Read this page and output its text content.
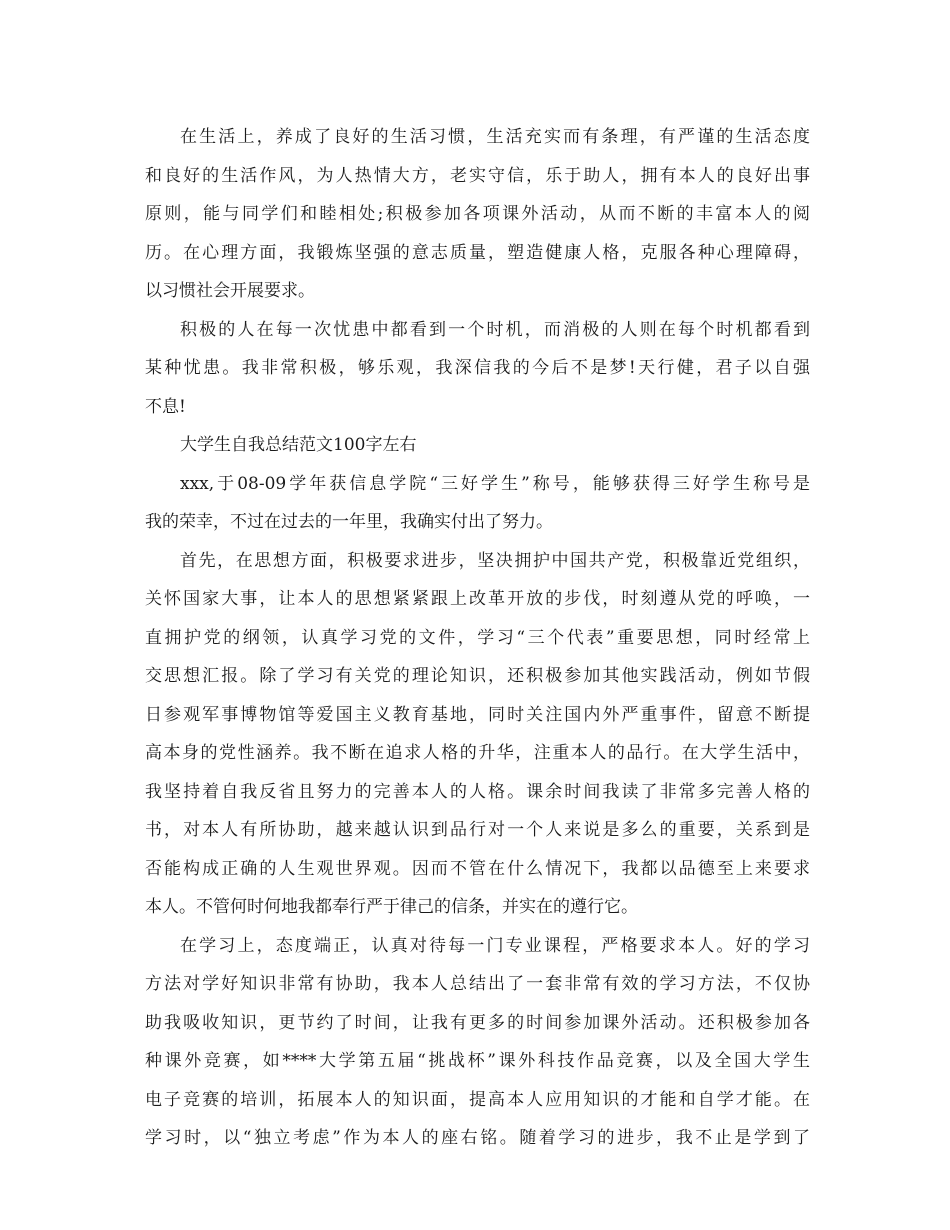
在生活上，养成了良好的生活习惯，生活充实而有条理，有严谨的生活态度
和良好的生活作风，为人热情大方，老实守信，乐于助人，拥有本人的良好出事
原则，能与同学们和睦相处;积极参加各项课外活动，从而不断的丰富本人的阅
历。在心理方面，我锻炼坚强的意志质量，塑造健康人格，克服各种心理障碍，
以习惯社会开展要求。
积极的人在每一次忧患中都看到一个时机，而消极的人则在每个时机都看到
某种忧患。我非常积极，够乐观，我深信我的今后不是梦!天行健，君子以自强
不息!
大学生自我总结范文100字左右
xxx,于08-09学年获信息学院“三好学生”称号，能够获得三好学生称号是
我的荣幸，不过在过去的一年里，我确实付出了努力。
首先，在思想方面，积极要求进步，坚决拥护中国共产党，积极靠近党组织，
关怀国家大事，让本人的思想紧紧跟上改革开放的步伐，时刻遵从党的呼唤，一
直拥护党的纲领，认真学习党的文件，学习“三个代表”重要思想，同时经常上
交思想汇报。除了学习有关党的理论知识，还积极参加其他实践活动，例如节假
日参观军事博物馆等爱国主义教育基地，同时关注国内外严重事件，留意不断提
高本身的党性涵养。我不断在追求人格的升华，注重本人的品行。在大学生活中，
我坚持着自我反省且努力的完善本人的人格。课余时间我读了非常多完善人格的
书，对本人有所协助，越来越认识到品行对一个人来说是多么的重要，关系到是
否能构成正确的人生观世界观。因而不管在什么情况下，我都以品德至上来要求
本人。不管何时何地我都奉行严于律己的信条，并实在的遵行它。
在学习上，态度端正，认真对待每一门专业课程，严格要求本人。好的学习
方法对学好知识非常有协助，我本人总结出了一套非常有效的学习方法，不仅协
助我吸收知识，更节约了时间，让我有更多的时间参加课外活动。还积极参加各
种课外竞赛，如****大学第五届“挑战杯”课外科技作品竞赛，以及全国大学生
电子竞赛的培训，拓展本人的知识面，提高本人应用知识的才能和自学才能。在
学习时，以“独立考虑”作为本人的座右铭。随着学习的进步，我不止是学到了
